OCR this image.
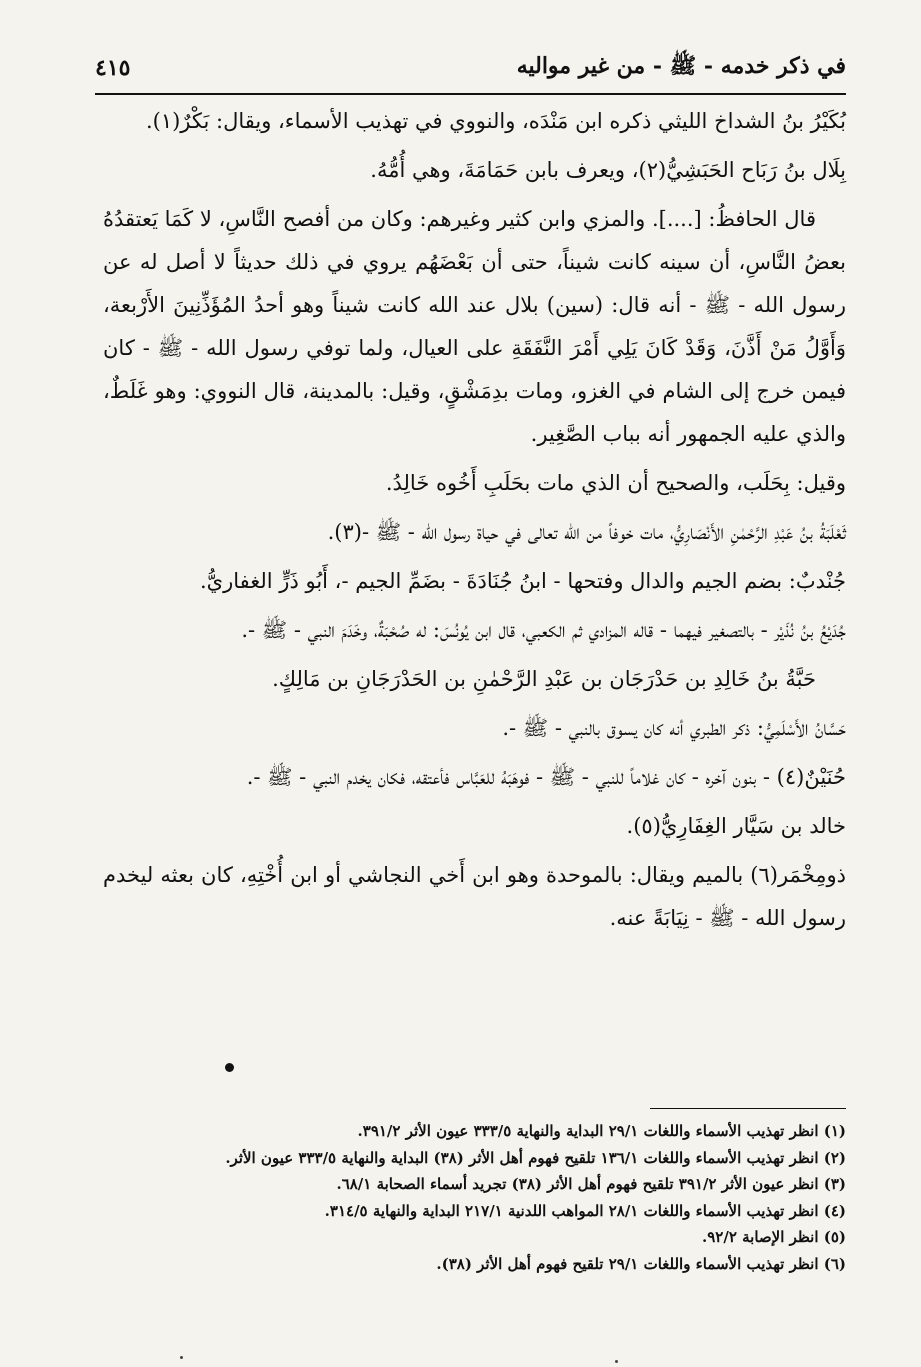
في ذكر خدمه - ﷺ - من غير مواليه
٤١٥

بُكَيْرُ بنُ الشداخ الليثي ذكره ابن مَنْدَه، والنووي في تهذيب الأسماء، ويقال: بَكْرٌ(١).

بِلَال بنُ رَبَاح الحَبَشِيُّ(٢)، ويعرف بابن حَمَامَةَ، وهي أُمُّهُ.

قال الحافظُ: [....]. والمزي وابن كثير وغيرهم: وكان من أفصح النَّاسِ، لا كَمَا يَعتقدُهُ بعضُ النَّاسِ، أن سينه كانت شيناً، حتى أن بَعْضَهُم يروي في ذلك حديثاً لا أصل له عن رسول الله - ﷺ - أنه قال: (سين) بلال عند الله كانت شيناً وهو أحدُ المُؤَذِّنِينَ الأَرْبعة، وَأَوَّلُ مَنْ أَذَّنَ، وَقَدْ كَانَ يَلِي أَمْرَ النَّفَقَةِ على العيال، ولما توفي رسول الله - ﷺ - كان فيمن خرج إلى الشام في الغزو، ومات بدِمَشْقٍ، وقيل: بالمدينة، قال النووي: وهو غَلَطٌ، والذي عليه الجمهور أنه بباب الصَّغِير.

وقيل: بِحَلَب، والصحيح أن الذي مات بحَلَبِ أَخُوه خَالِدُ.

ثَعْلَبَةُ بنُ عَبْدِ الرَّحْمٰنِ الأَنْصَارِيُّ، مات خوفاً من الله تعالى في حياة رسول الله - ﷺ -(٣).

جُنْدبٌ: بضم الجيم والدال وفتحها - ابنُ جُنَادَةَ - بضَمِّ الجيم -، أَبُو ذَرٍّ الغفاريُّ.

جُدَيْعُ بنُ نُذَيْر - بالتصغير فيهما - قاله المزادي ثم الكعبي، قال ابن يُونُسَ: له صُحْبَةٌ، وخَدَمَ النبي - ﷺ -.

حَبَّةُ بنُ خَالِدِ بن حَدْرَجَان بن عَبْدِ الرَّحْمٰنِ بن الحَدْرَجَانِ بن مَالِكٍ.

حَسَّانُ الأَسْلَمِيُّ: ذكر الطبري أنه كان يسوق بالنبي - ﷺ -.

حُنَيْنٌ(٤) - بنون آخره - كان غلاماً للنبي - ﷺ - فوهَبَهُ للعَبَّاس فأعتقه، فكان يخدم النبي - ﷺ -.

خالد بن سَيَّار الغِفَارِيُّ(٥).

ذومِخْمَر(٦) بالميم ويقال: بالموحدة وهو ابن أَخي النجاشي أو ابن أُخْتِهِ، كان بعثه ليخدم رسول الله - ﷺ - نِيَابَةً عنه.

(١) انظر تهذيب الأسماء واللغات ٢٩/١ البداية والنهاية ٣٣٣/٥ عيون الأثر ٣٩١/٢.

(٢) انظر تهذيب الأسماء واللغات ١٣٦/١ تلقيح فهوم أهل الأثر (٣٨) البداية والنهاية ٣٣٣/٥ عيون الأثر.

(٣) انظر عيون الأثر ٣٩١/٢ تلقيح فهوم أهل الأثر (٣٨) تجريد أسماء الصحابة ٦٨/١.

(٤) انظر تهذيب الأسماء واللغات ٢٨/١ المواهب اللدنية ٢١٧/١ البداية والنهاية ٣١٤/٥.

(٥) انظر الإصابة ٩٢/٢.

(٦) انظر تهذيب الأسماء واللغات ٢٩/١ تلقيح فهوم أهل الأثر (٣٨).
